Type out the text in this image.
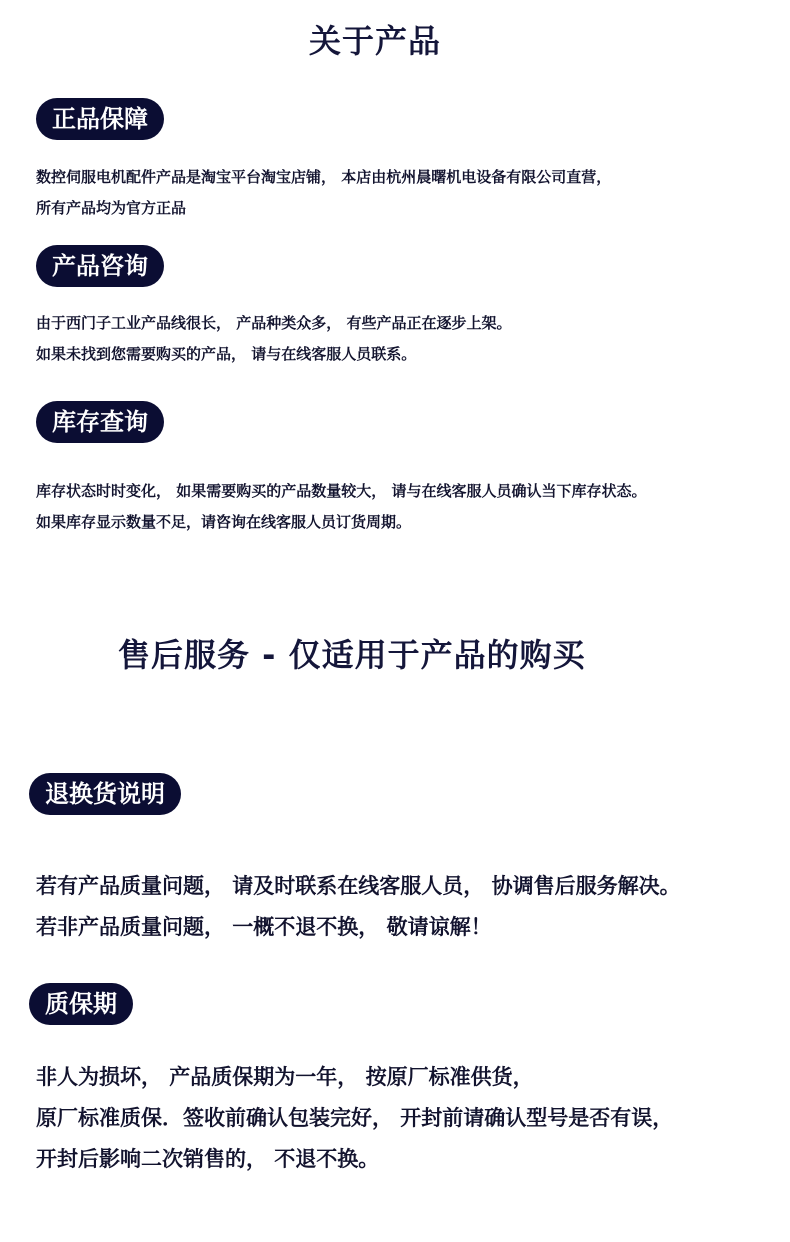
关于产品
正品保障

数控伺服电机配件产品是淘宝平台淘宝店铺， 本店由杭州晨曙机电设备有限公司直营，
所有产品均为官方正品

产品咨询

由于西门子工业产品线很长， 产品种类众多， 有些产品正在逐步上架。
如果未找到您需要购买的产品， 请与在线客服人员联系。

库存查询

库存状态时时变化， 如果需要购买的产品数量较大， 请与在线客服人员确认当下库存状态。
如果库存显示数量不足，请咨询在线客服人员订货周期。

售后服务 - 仅适用于产品的购买
退换货说明

若有产品质量问题， 请及时联系在线客服人员， 协调售后服务解决。
若非产品质量问题， 一概不退不换， 敬请谅解！

质保期

非人为损坏， 产品质保期为一年， 按原厂标准供货，
原厂标准质保．签收前确认包装完好， 开封前请确认型号是否有误，
开封后影响二次销售的， 不退不换。
